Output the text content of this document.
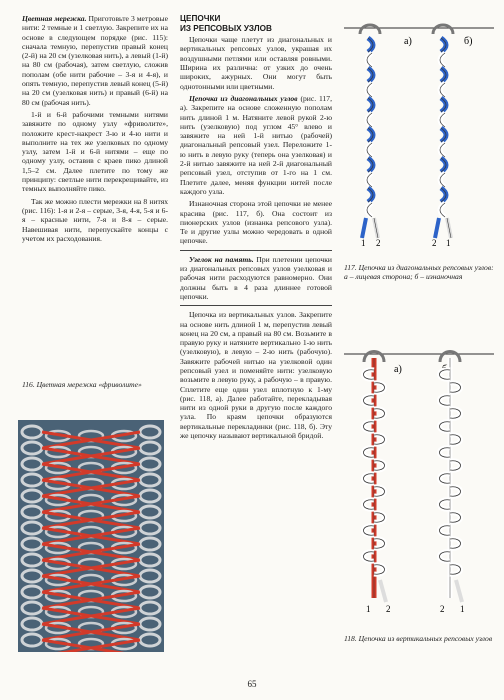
Цветная мережка. Приготовьте 3 метровые нити: 2 темные и 1 светлую. Закрепите их на основе в следующем порядке (рис. 115): сначала темную, перепустив правый конец (2-й) на 20 см (узелковая нить), а левый (1-й) на 80 см (рабочая), затем светлую, сложив пополам (обе нити рабочие – 3-я и 4-я), и опять темную, перепустив левый конец (5-й) на 20 см (узелковая нить) и правый (6-й) на 80 см (рабочая нить).

1-й и 6-й рабочими темными нитями завяжите по одному узлу «фриволите», положите крест-накрест 3-ю и 4-ю нити и выполните на тех же узелковых по одному узлу, затем 1-й и 6-й нитями – еще по одному узлу, оставив с краев пико длиной 1,5–2 см. Далее плетите по тому же принципу: светлые нити перекрещивайте, из темных выполняйте пико.

Так же можно плести мережки на 8 нитях (рис. 116): 1-я и 2-я – серые, 3-я, 4-я, 5-я и 6-я – красные нити, 7-я и 8-я – серые. Навешивая нити, перепускайте концы с учетом их расходования.

116. Цветная мережка «фриволите»
ЦЕПОЧКИ
ИЗ РЕПСОВЫХ УЗЛОВ

Цепочки чаще плетут из диагональных и вертикальных репсовых узлов, украшая их воздушными петлями или оставляя ровными. Ширина их различна: от узких до очень широких, ажурных. Они могут быть однотонными или цветными.

Цепочка из диагональных узлов (рис. 117, а). Закрепите на основе сложенную пополам нить длиной 1 м. Натяните левой рукой 2-ю нить (узелковую) под углом 45° влево и завяжите на ней 1-й нитью (рабочей) диагональный репсовый узел. Переложите 1-ю нить в левую руку (теперь она узелковая) и 2-й нитью завяжите на ней 2-й диагональный репсовый узел, отступив от 1-го на 1 см. Плетите далее, меняя функции нитей после каждого узла.

Изнаночная сторона этой цепочки не менее красива (рис. 117, б). Она состоит из пионерских узлов (изнанка репсового узла). Те и другие узлы можно чередовать в одной цепочке.

Узелок на память. При плетении цепочки из диагональных репсовых узлов узелковая и рабочая нити расходуются равномерно. Они должны быть в 4 раза длиннее готовой цепочки.

Цепочка из вертикальных узлов. Закрепите на основе нить длиной 1 м, перепустив левый конец на 20 см, а правый на 80 см. Возьмите в правую руку и натяните вертикально 1-ю нить (узелковую), в левую – 2-ю нить (рабочую). Завяжите рабочей нитью на узелковой один репсовый узел и поменяйте нити: узелковую возьмите в левую руку, а рабочую – в правую. Сплетите еще один узел вплотную к 1-му (рис. 118, а). Далее работайте, перекладывая нити из одной руки в другую после каждого узла. По краям цепочки образуются вертикальные перекладинки (рис. 118, б). Эту же цепочку называют вертикальной бридой.

а)	б)
1 2	2 1
117. Цепочка из диагональных репсовых узлов: а – лицевая сторона; б – изнаночная
а)	б)
1 2	2 1
118. Цепочка из вертикальных репсовых узлов
65
